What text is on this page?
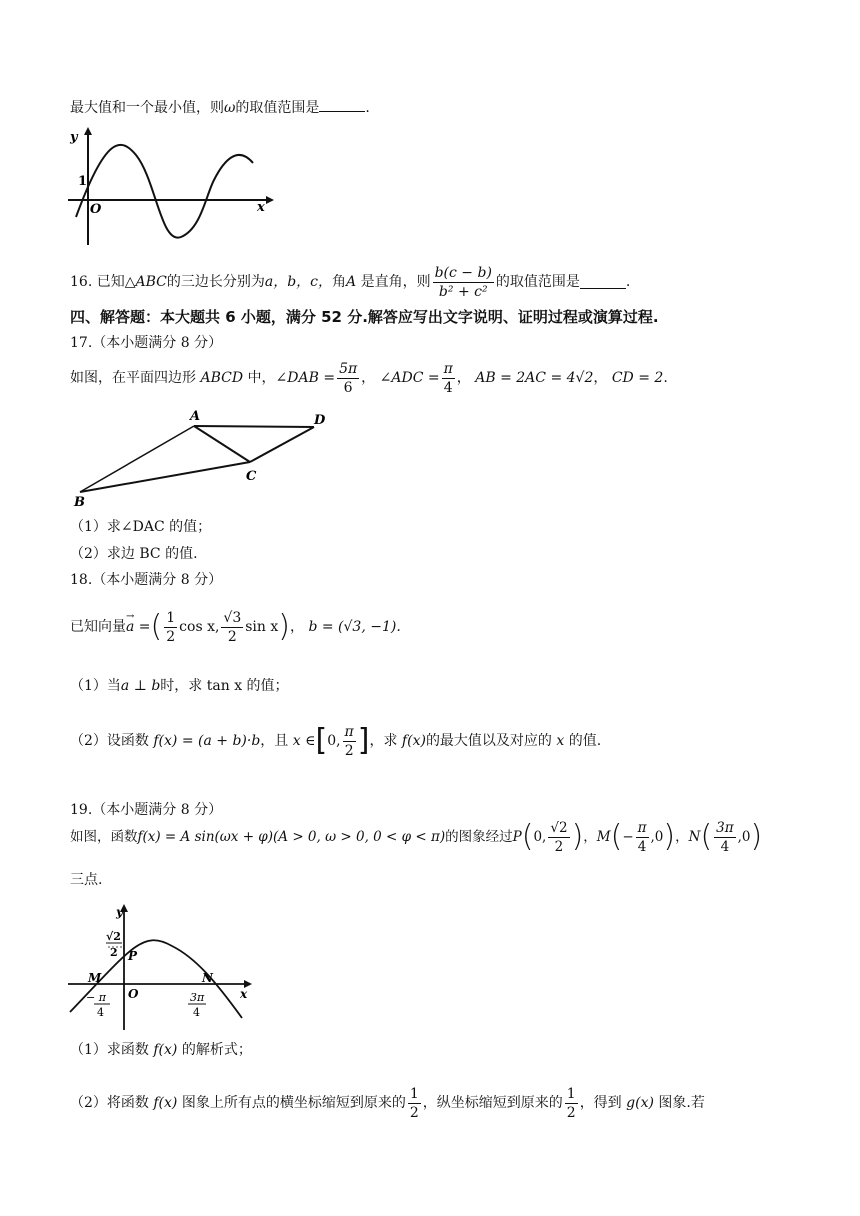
最大值和一个最小值，则ω的取值范围是	.
y
x
O
1
16.
已知 △ABC 的三边长分别为 a，b，c， 角 A
是直角，则 $\frac{b(c - b)}{\text{b² + c²}}$ 的取值范围是	.
四、解答题：本大题共 6 小题，满分 52 分.解答应写出文字说明、证明过程或演算过程.
17.（本小题满分 8 分）
如图，在平面四边形
ABCD
中， ∠DAB = $\frac{5\pi}{6}$ ， ∠ADC = $\frac{\pi}{4}$ ， AB = 2AC = 4√2 ， CD = 2 .
A	D
C
B
（1）求∠DAC 的值；
（2）求边 BC 的值.
18.（本小题满分 8 分）
已知向量 → a = ( $\frac{1}{2}$ cos x, $\frac{√3}{2}$ sin x ) ， b = (√3, −1).
（1）当a ⊥ b时，求 tan x 的值；
（2）设函数
f(x) = (a + b)·b ，且
x ∈ [ 0, $\frac{\pi}{2}$ ] ，求
f(x) 的最大值以及对应的
x
的值.
19.（本小题满分 8 分）
如图，函数 f(x) = A sin(ωx + φ)(A > 0, ω > 0, 0 < φ < π) 的图象经过 P ( 0, $\frac{√2}{2}$ ) ， M ( − $\frac{\pi}{4} ,0$ ) ， N ( $\frac{3\pi}{4} ,0$ )
三点.
y
x
O
P
M	N
√2
2
− π
4
3π
4
（1）求函数 f(x) 的解析式；
（2）将函数
f(x)
图象上所有点的横坐标缩短到原来的 $\frac{1}{2}$ ，纵坐标缩短到原来的 $\frac{1}{2}$ ，得到
g(x)
图象.若
